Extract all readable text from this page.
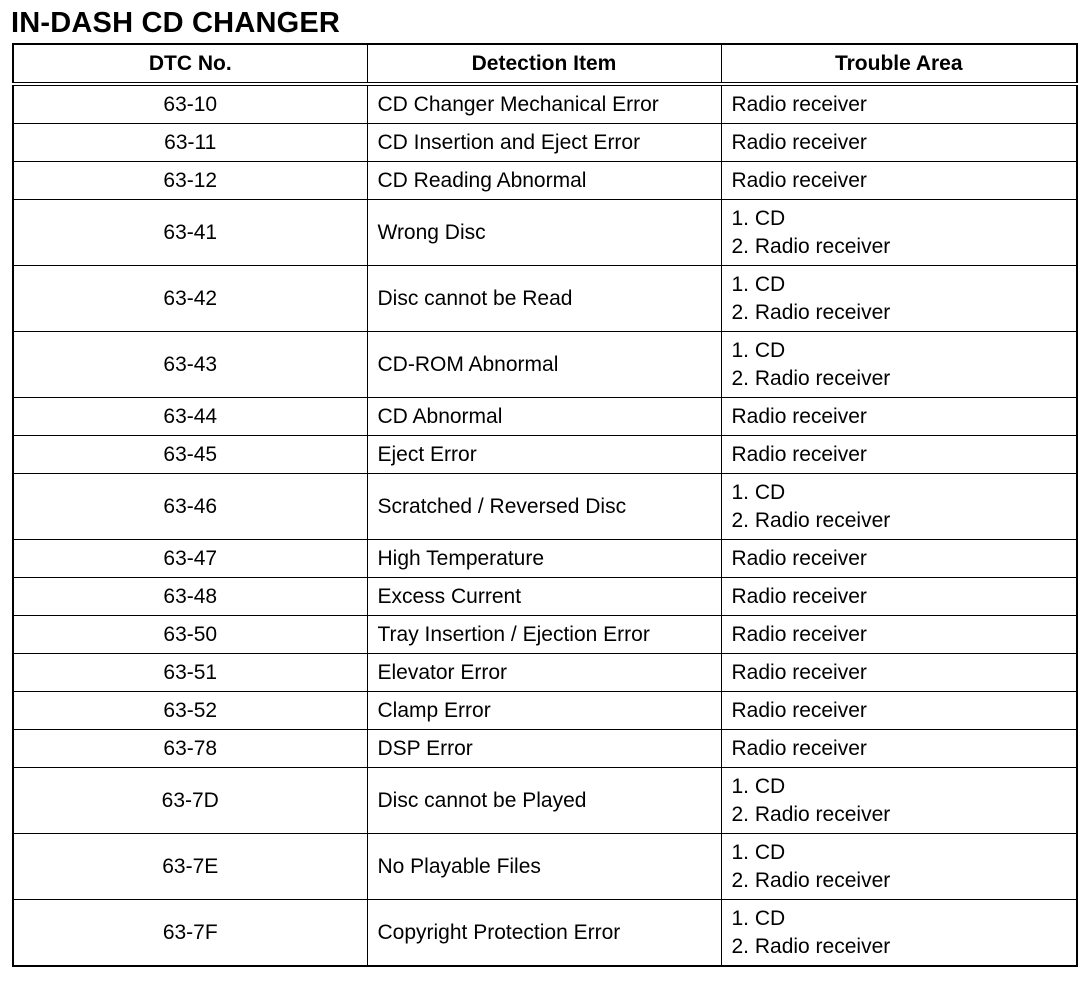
IN-DASH CD CHANGER
DTC No.	Detection Item	Trouble Area
63-10	CD Changer Mechanical Error	Radio receiver

63-11	CD Insertion and Eject Error	Radio receiver

63-12	CD Reading Abnormal	Radio receiver

63-41	Wrong Disc	1. CD
2. Radio receiver

63-42	Disc cannot be Read	1. CD
2. Radio receiver

63-43	CD-ROM Abnormal	1. CD
2. Radio receiver

63-44	CD Abnormal	Radio receiver

63-45	Eject Error	Radio receiver

63-46	Scratched / Reversed Disc	1. CD
2. Radio receiver

63-47	High Temperature	Radio receiver

63-48	Excess Current	Radio receiver

63-50	Tray Insertion / Ejection Error	Radio receiver

63-51	Elevator Error	Radio receiver

63-52	Clamp Error	Radio receiver

63-78	DSP Error	Radio receiver

63-7D	Disc cannot be Played	1. CD
2. Radio receiver

63-7E	No Playable Files	1. CD
2. Radio receiver

63-7F	Copyright Protection Error	1. CD
2. Radio receiver
